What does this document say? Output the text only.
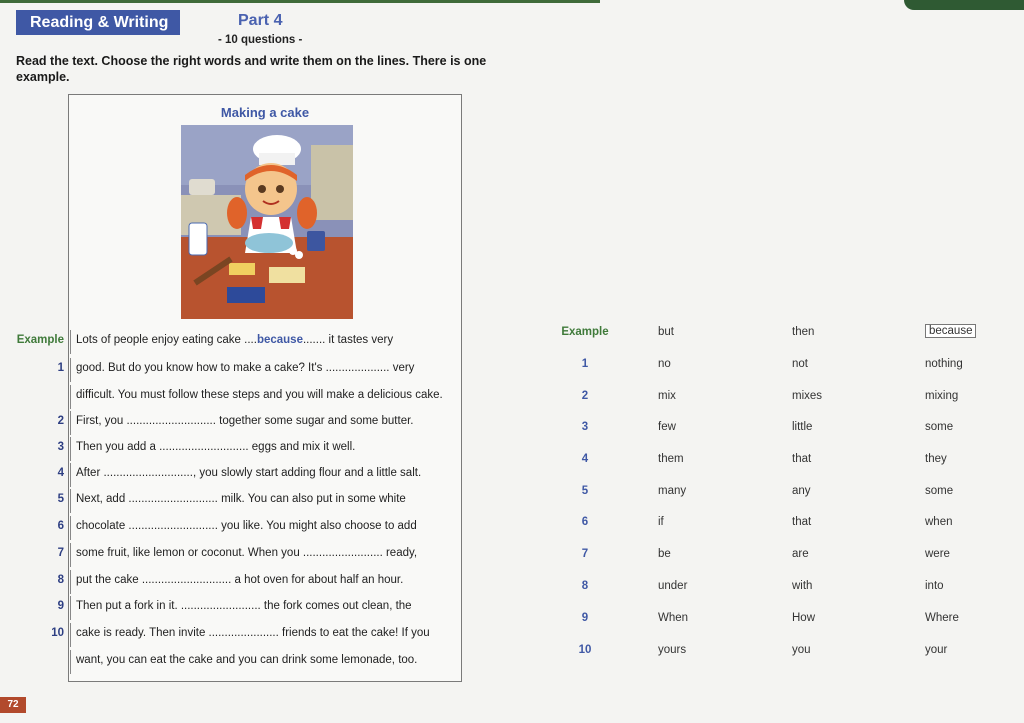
Reading & Writing	Part 4
- 10 questions -
Read the text. Choose the right words and write them on the lines. There is one example.
Making a cake
Example Lots of people enjoy eating cake ....because....... it tastes very
1 good. But do you know how to make a cake? It's .................... very
difficult. You must follow these steps and you will make a delicious cake.
2 First, you ............................ together some sugar and some butter.
3 Then you add a ............................ eggs and mix it well.
4 After ............................, you slowly start adding flour and a little salt.
5 Next, add ............................ milk. You can also put in some white
6 chocolate ............................ you like. You might also choose to add
7 some fruit, like lemon or coconut. When you ......................... ready,
8 put the cake ............................ a hot oven for about half an hour.
9 Then put a fork in it. ......................... the fork comes out clean, the
10 cake is ready. Then invite ...................... friends to eat the cake! If you
want, you can eat the cake and you can drink some lemonade, too.
Example	but	then	because
1	no	not	nothing
2	mix	mixes	mixing
3	few	little	some
4	them	that	they
5	many	any	some
6	if	that	when
7	be	are	were
8	under	with	into
9	When	How	Where
10	yours	you	your
72
